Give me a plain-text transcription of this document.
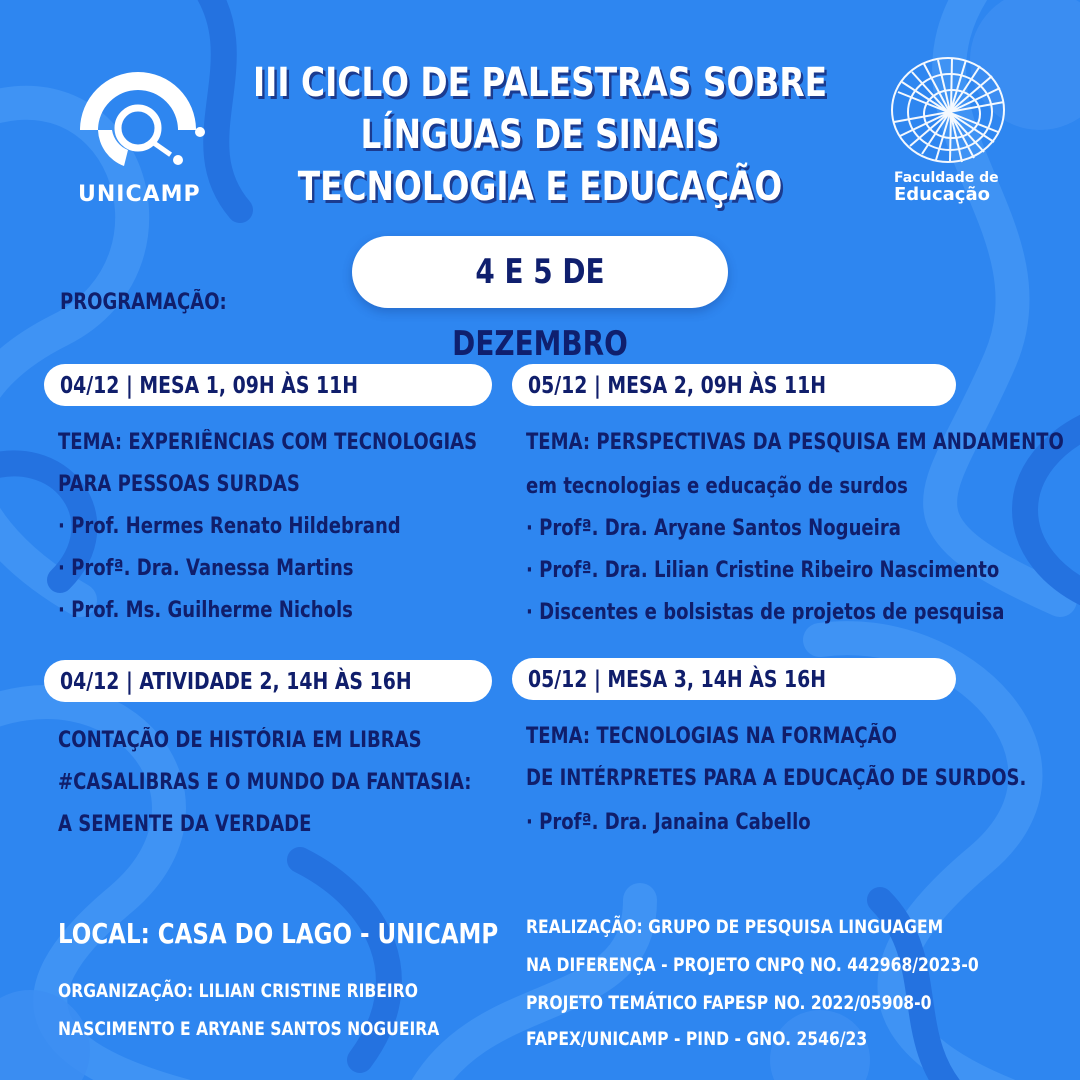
UNICAMP
Faculdade de
Educação
III CICLO DE PALESTRAS SOBRE
LÍNGUAS DE SINAIS
TECNOLOGIA E EDUCAÇÃO
4 E 5 DE DEZEMBRO
PROGRAMAÇÃO:
04/12 | MESA 1, 09H ÀS 11H
TEMA: EXPERIÊNCIAS COM TECNOLOGIAS
PARA PESSOAS SURDAS
· Prof. Hermes Renato Hildebrand
· Profª. Dra. Vanessa Martins
· Prof. Ms. Guilherme Nichols
05/12 | MESA 2, 09H ÀS 11H
TEMA: PERSPECTIVAS DA PESQUISA EM ANDAMENTO
em tecnologias e educação de surdos
· Profª. Dra. Aryane Santos Nogueira
· Profª. Dra. Lilian Cristine Ribeiro Nascimento
· Discentes e bolsistas de projetos de pesquisa
04/12 | ATIVIDADE 2, 14H ÀS 16H
CONTAÇÃO DE HISTÓRIA EM LIBRAS
#CASALIBRAS E O MUNDO DA FANTASIA:
A SEMENTE DA VERDADE
05/12 | MESA 3, 14H ÀS 16H
TEMA: TECNOLOGIAS NA FORMAÇÃO
DE INTÉRPRETES PARA A EDUCAÇÃO DE SURDOS.
· Profª. Dra. Janaina Cabello
LOCAL: CASA DO LAGO - UNICAMP
ORGANIZAÇÃO: LILIAN CRISTINE RIBEIRO
NASCIMENTO E ARYANE SANTOS NOGUEIRA
REALIZAÇÃO: GRUPO DE PESQUISA LINGUAGEM
NA DIFERENÇA - PROJETO CNPQ NO. 442968/2023-0
PROJETO TEMÁTICO FAPESP NO. 2022/05908-0
FAPEX/UNICAMP - PIND - GNO. 2546/23
